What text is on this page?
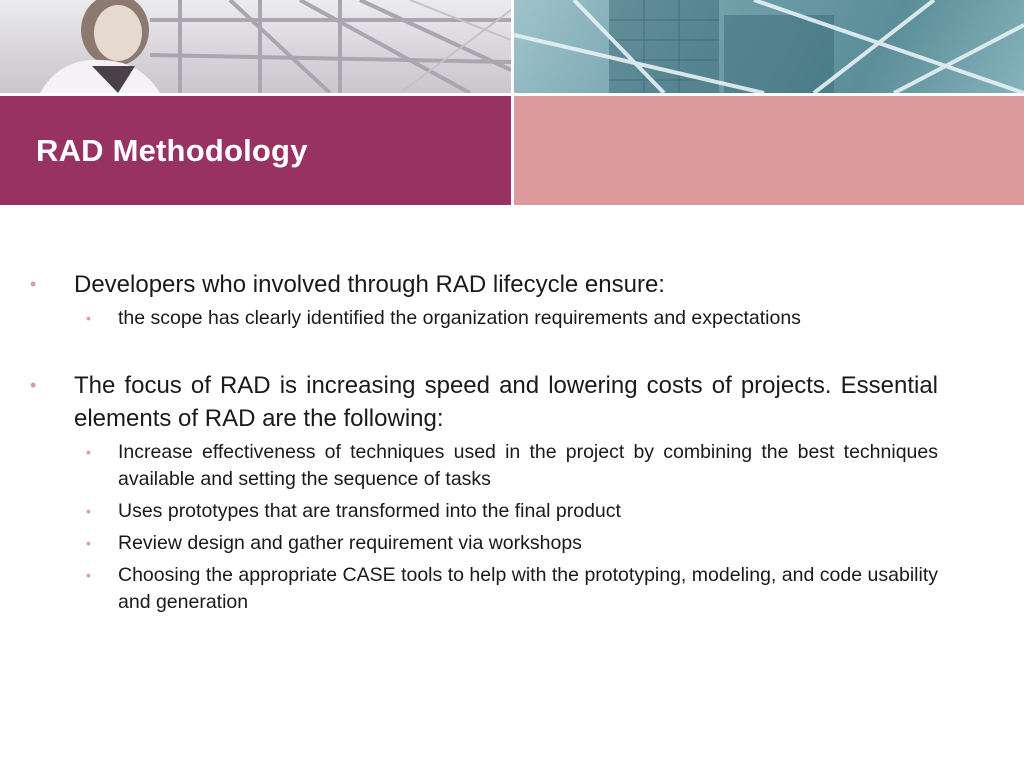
RAD Methodology

•	Developers who involved through RAD lifecycle ensure:

•	the scope has clearly identified the organization requirements and expectations

•	The focus of RAD is increasing speed and lowering costs of projects. Essential elements of RAD are the following:

•	Increase effectiveness of techniques used in the project by combining the best techniques available and setting the sequence of tasks

•	Uses prototypes that are transformed into the final product

•	Review design and gather requirement via workshops

•	Choosing the appropriate CASE tools to help with the prototyping, modeling, and code usability and generation
